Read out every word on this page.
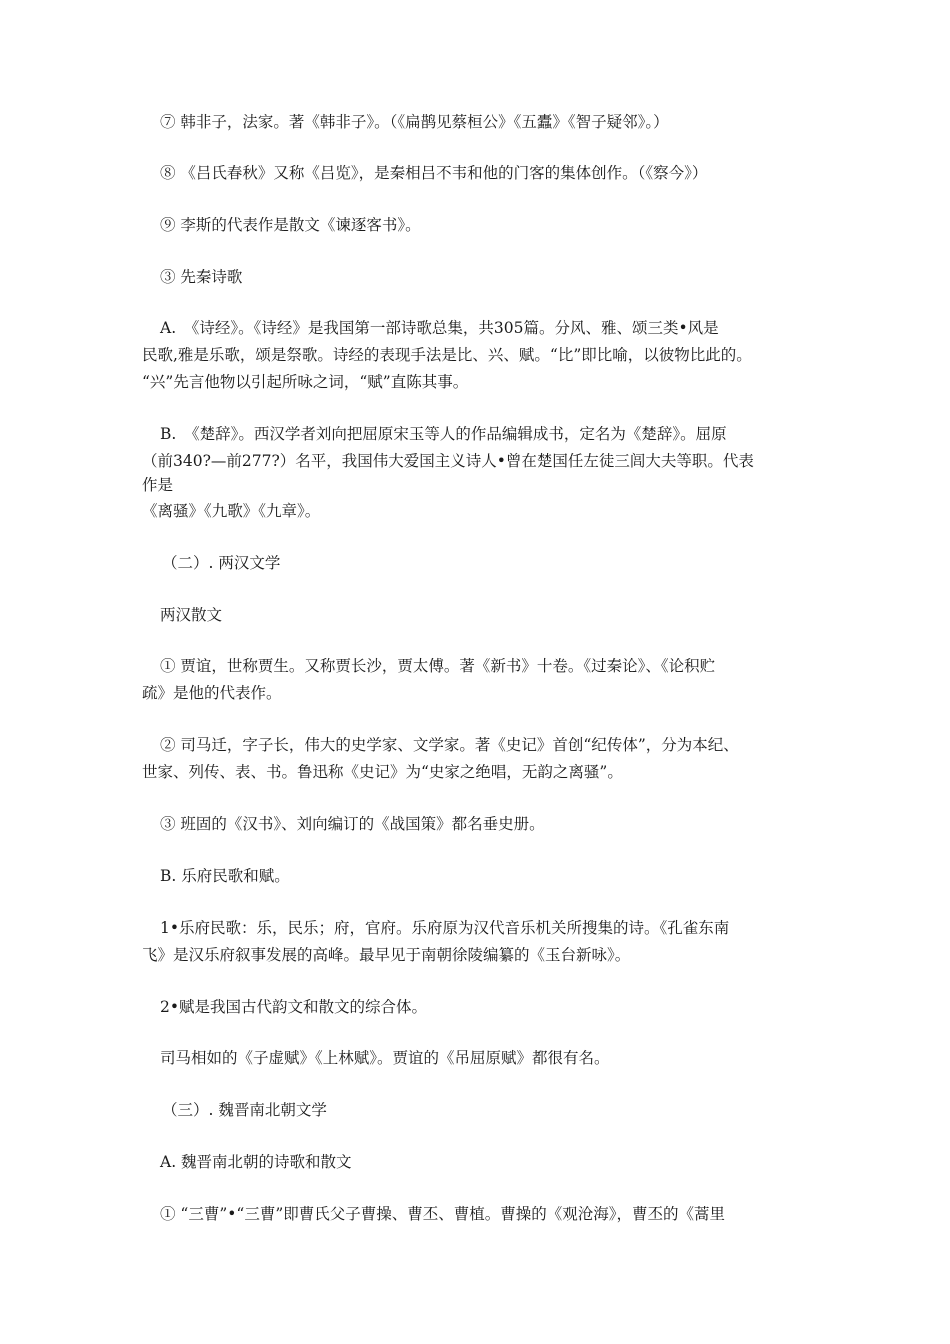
⑦ 韩非子，法家。著《韩非子》。（《扁鹊见蔡桓公》《五蠹》《智子疑邻》。）
⑧ 《吕氏春秋》又称《吕览》，是秦相吕不韦和他的门客的集体创作。（《察今》）
⑨ 李斯的代表作是散文《谏逐客书》。
③ 先秦诗歌
A.　《诗经》。《诗经》是我国第一部诗歌总集，共305篇。分风、雅、颂三类•风是
民歌,雅是乐歌，颂是祭歌。诗经的表现手法是比、兴、赋。“比”即比喻，以彼物比此的。
“兴”先言他物以引起所咏之词，“赋”直陈其事。
B.　《楚辞》。西汉学者刘向把屈原宋玉等人的作品编辑成书，定名为《楚辞》。屈原
（前340?—前277?）名平，我国伟大爱国主义诗人•曾在楚国任左徒三闾大夫等职。代表
作是
《离骚》《九歌》《九章》。
（二）. 两汉文学
两汉散文
① 贾谊，世称贾生。又称贾长沙，贾太傅。著《新书》十卷。《过秦论》、《论积贮
疏》是他的代表作。
② 司马迁，字子长，伟大的史学家、文学家。著《史记》首创“纪传体”，分为本纪、
世家、列传、表、书。鲁迅称《史记》为“史家之绝唱，无韵之离骚”。
③ 班固的《汉书》、刘向编订的《战国策》都名垂史册。
B. 乐府民歌和赋。
1•乐府民歌：乐，民乐；府，官府。乐府原为汉代音乐机关所搜集的诗。《孔雀东南
飞》是汉乐府叙事发展的高峰。最早见于南朝徐陵编纂的《玉台新咏》。
2•赋是我国古代韵文和散文的综合体。
司马相如的《子虚赋》《上林赋》。贾谊的《吊屈原赋》都很有名。
（三）. 魏晋南北朝文学
A. 魏晋南北朝的诗歌和散文
① “三曹”•“三曹”即曹氏父子曹操、曹丕、曹植。曹操的《观沧海》，曹丕的《蒿里
